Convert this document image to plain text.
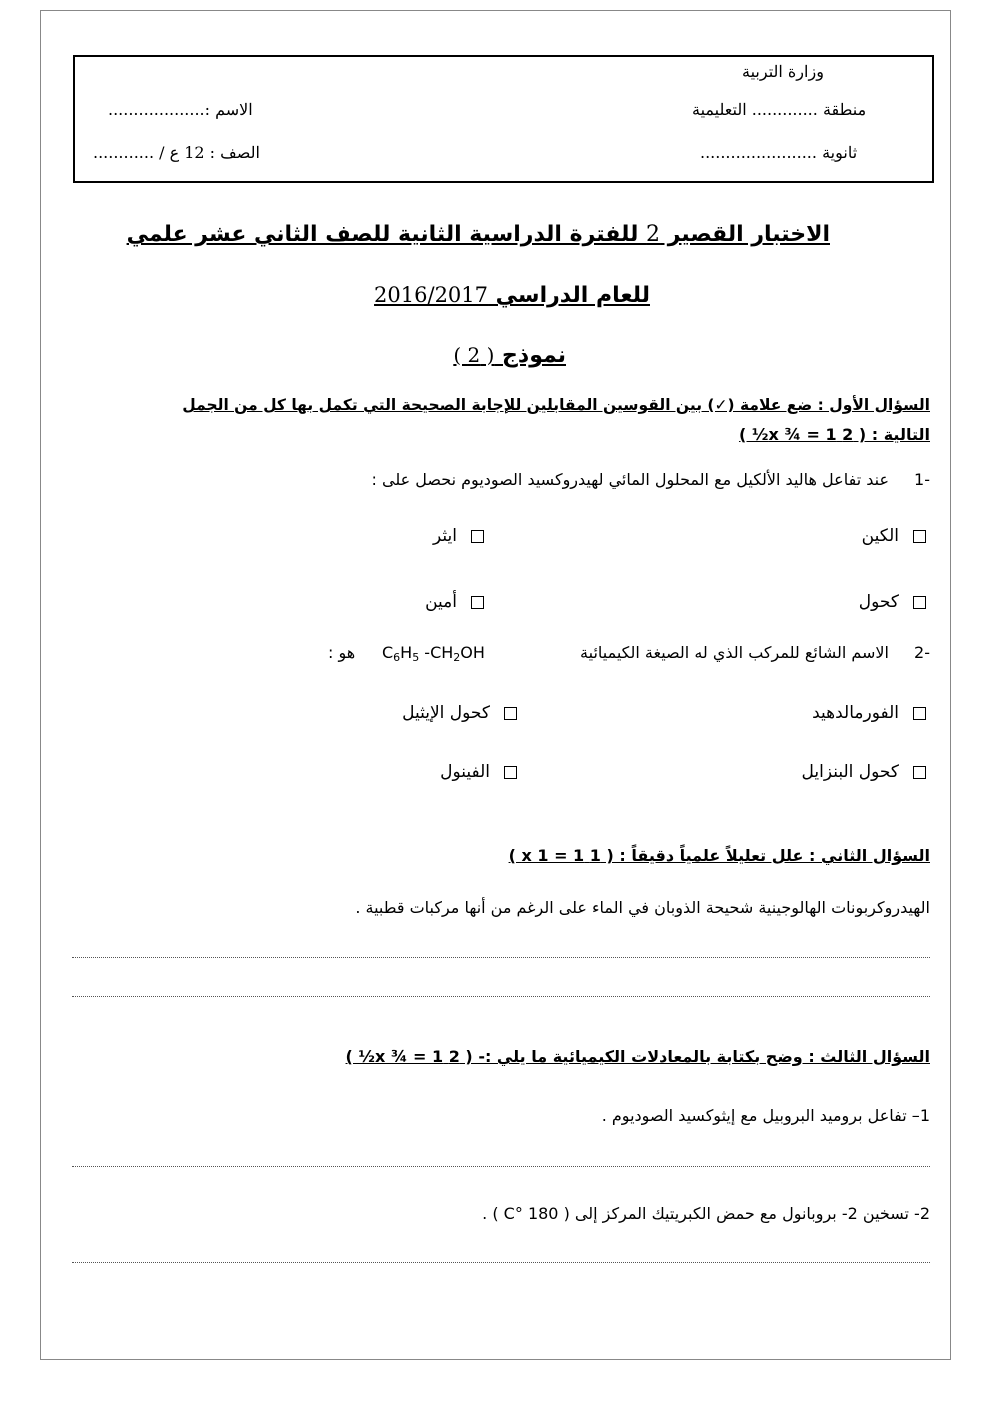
وزارة التربية
منطقة ............. التعليمية
ثانوية .......................
الاسم :...................
الصف : 12 ع / ............
الاختبار القصير 2 للفترة الدراسية الثانية للصف الثاني عشر علمي
للعام الدراسي 2016/2017
نموذج ( 2 )
السؤال الأول : ضع علامة (✓) بين القوسين المقابلين للإجابة الصحيحة التي تكمل بها كل من الجمل
التالية : ( 2 x ¾ = 1½ )
-1
عند تفاعل هاليد الألكيل مع المحلول المائي لهيدروكسيد الصوديوم نحصل على :
الكين
ايثر
كحول
أمين
-2
الاسم الشائع للمركب الذي له الصيغة الكيميائية
$C_6H_5$ $-CH_2OH$
هو :
الفورمالدهيد
كحول الإيثيل
كحول البنزايل
الفينول
السؤال الثاني : علل تعليلاً علمياً دقيقاً : ( 1 x 1 = 1 )
الهيدروكربونات الهالوجينية شحيحة الذوبان في الماء على الرغم من أنها مركبات قطبية .
السؤال الثالث : وضح بكتابة بالمعادلات الكيميائية ما يلي :- ( 2 x ¾ = 1½ )
1– تفاعل بروميد البروبيل مع إيثوكسيد الصوديوم .
2- تسخين 2- بروبانول مع حمض الكبريتيك المركز إلى ( 180 °C ) .
